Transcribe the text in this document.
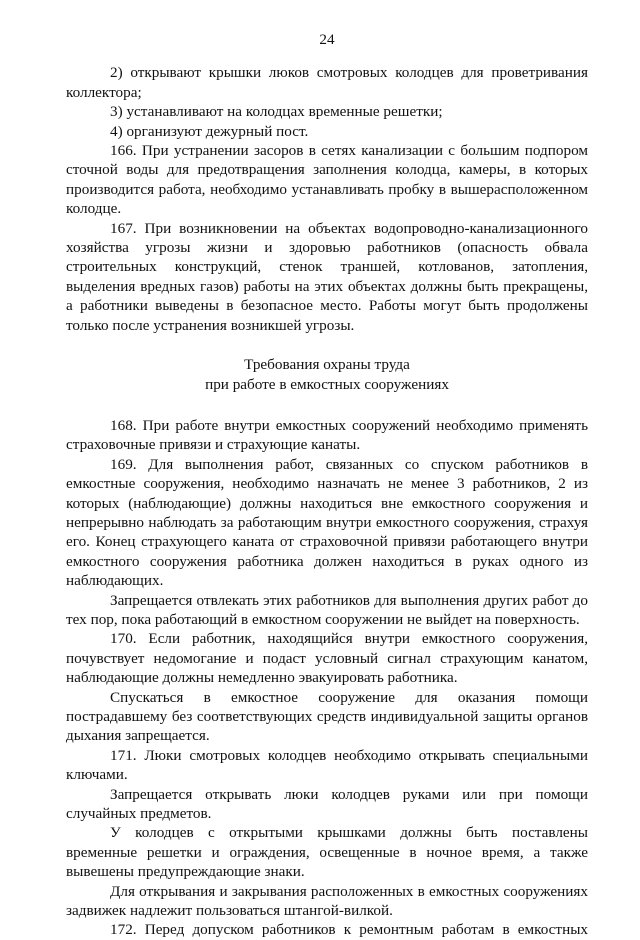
24

2) открывают крышки люков смотровых колодцев для проветривания коллектора;

3) устанавливают на колодцах временные решетки;

4) организуют дежурный пост.

166. При устранении засоров в сетях канализации с большим подпором сточной воды для предотвращения заполнения колодца, камеры, в которых производится работа, необходимо устанавливать пробку в вышерасположенном колодце.

167. При возникновении на объектах водопроводно-канализационного хозяйства угрозы жизни и здоровью работников (опасность обвала строительных конструкций, стенок траншей, котлованов, затопления, выделения вредных газов) работы на этих объектах должны быть прекращены, а работники выведены в безопасное место. Работы могут быть продолжены только после устранения возникшей угрозы.

Требования охраны труда
при работе в емкостных сооружениях

168. При работе внутри емкостных сооружений необходимо применять страховочные привязи и страхующие канаты.

169. Для выполнения работ, связанных со спуском работников в емкостные сооружения, необходимо назначать не менее 3 работников, 2 из которых (наблюдающие) должны находиться вне емкостного сооружения и непрерывно наблюдать за работающим внутри емкостного сооружения, страхуя его. Конец страхующего каната от страховочной привязи работающего внутри емкостного сооружения работника должен находиться в руках одного из наблюдающих.

Запрещается отвлекать этих работников для выполнения других работ до тех пор, пока работающий в емкостном сооружении не выйдет на поверхность.

170. Если работник, находящийся внутри емкостного сооружения, почувствует недомогание и подаст условный сигнал страхующим канатом, наблюдающие должны немедленно эвакуировать работника.

Спускаться в емкостное сооружение для оказания помощи пострадавшему без соответствующих средств индивидуальной защиты органов дыхания запрещается.

171. Люки смотровых колодцев необходимо открывать специальными ключами.

Запрещается открывать люки колодцев руками или при помощи случайных предметов.

У колодцев с открытыми крышками должны быть поставлены временные решетки и ограждения, освещенные в ночное время, а также вывешены предупреждающие знаки.

Для открывания и закрывания расположенных в емкостных сооружениях задвижек надлежит пользоваться штангой-вилкой.

172. Перед допуском работников к ремонтным работам в емкостных
